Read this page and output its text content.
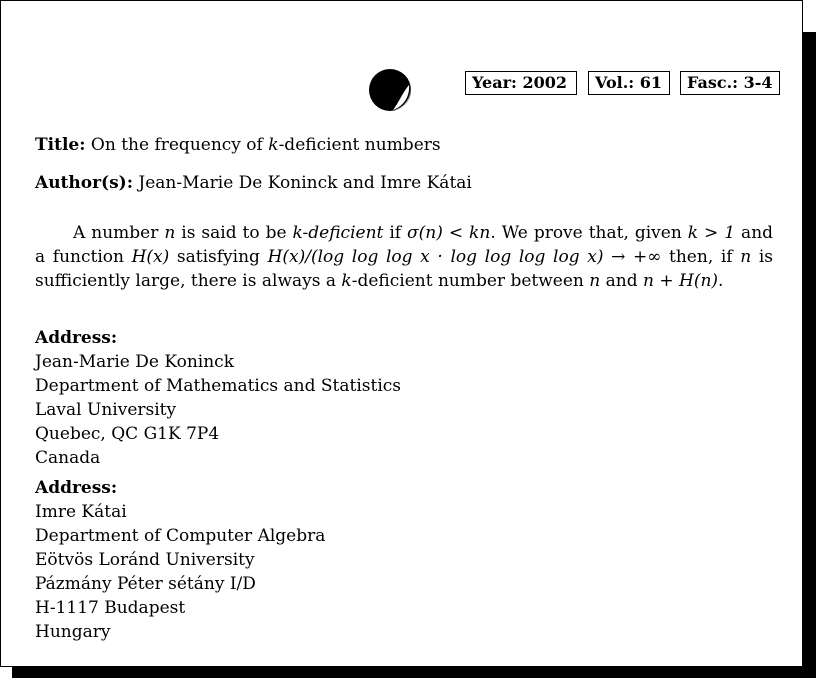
Year: 2002	Vol.: 61	Fasc.: 3-4
Title: On the frequency of k-deficient numbers
Author(s): Jean-Marie De Koninck and Imre Kátai
A number n is said to be k-deficient if σ(n) < kn. We prove that, given k > 1 and a function H(x) satisfying H(x)/(log log log x · log log log log x) → +∞ then, if n is sufficiently large, there is always a k-deficient number between n and n + H(n).
Address:
Jean-Marie De Koninck
Department of Mathematics and Statistics
Laval University
Quebec, QC G1K 7P4
Canada
Address:
Imre Kátai
Department of Computer Algebra
Eötvös Loránd University
Pázmány Péter sétány I/D
H-1117 Budapest
Hungary
